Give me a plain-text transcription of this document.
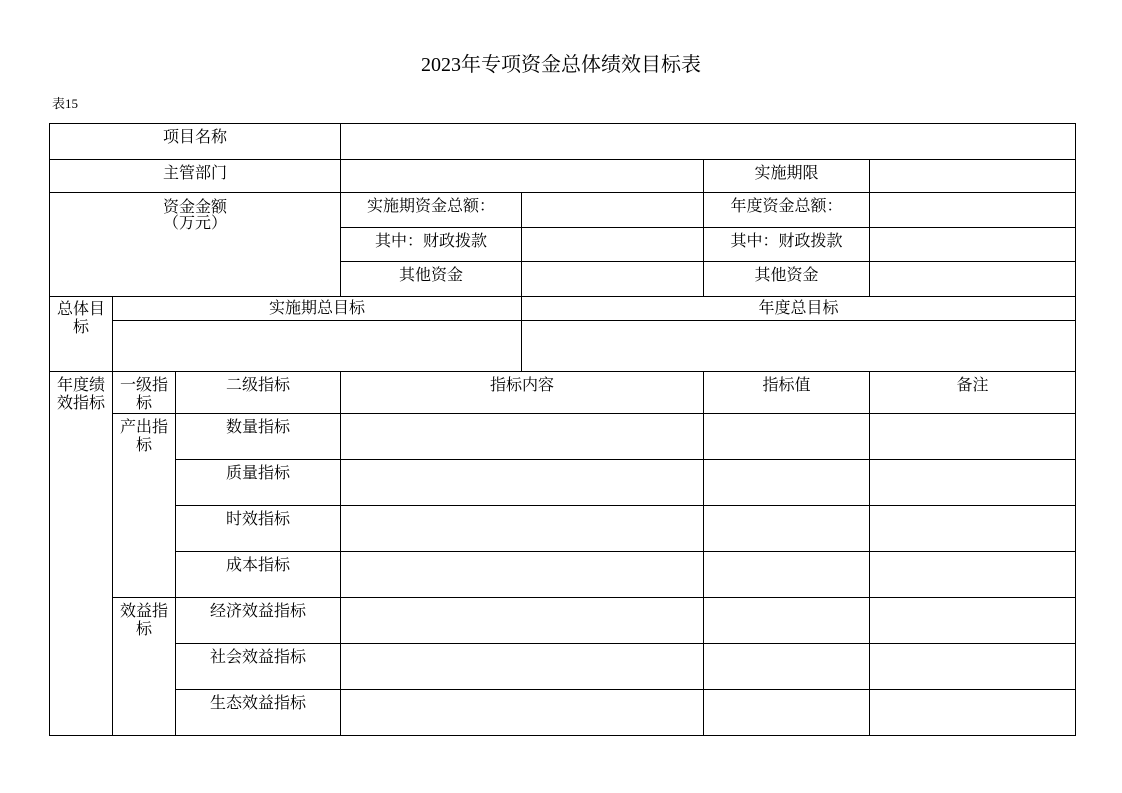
2023年专项资金总体绩效目标表
表15
项目名称						
主管部门					实施期限	

资金金额
（万元）			实施期资金总额：		年度资金总额：	
			其中：财政拨款		其中：财政拨款	
			其他资金		其他资金	
总体目标	实施期总目标			年度总目标		

年度绩效指标	一级指标	二级指标	指标内容		指标值	备注
	产出指标	数量指标				
		质量指标				
		时效指标				
		成本指标				
	效益指标	经济效益指标				
		社会效益指标				
		生态效益指标				
